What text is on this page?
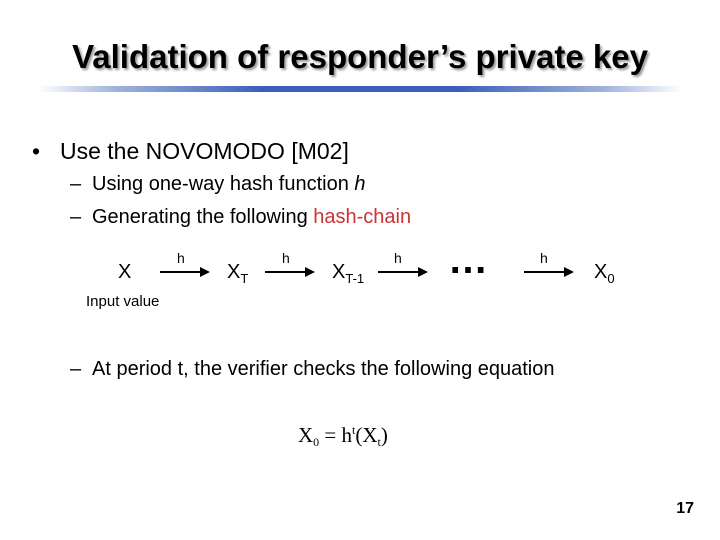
Validation of responder’s private key
• Use the NOVOMODO [M02]
– Using one-way hash function h
– Generating the following hash-chain
X
h
$X_T$
h
$X_{T-1}$
h …	h
$X_0$
Input value
– At period t, the verifier checks the following equation
$X_0 = h^t(X_t)$
17
